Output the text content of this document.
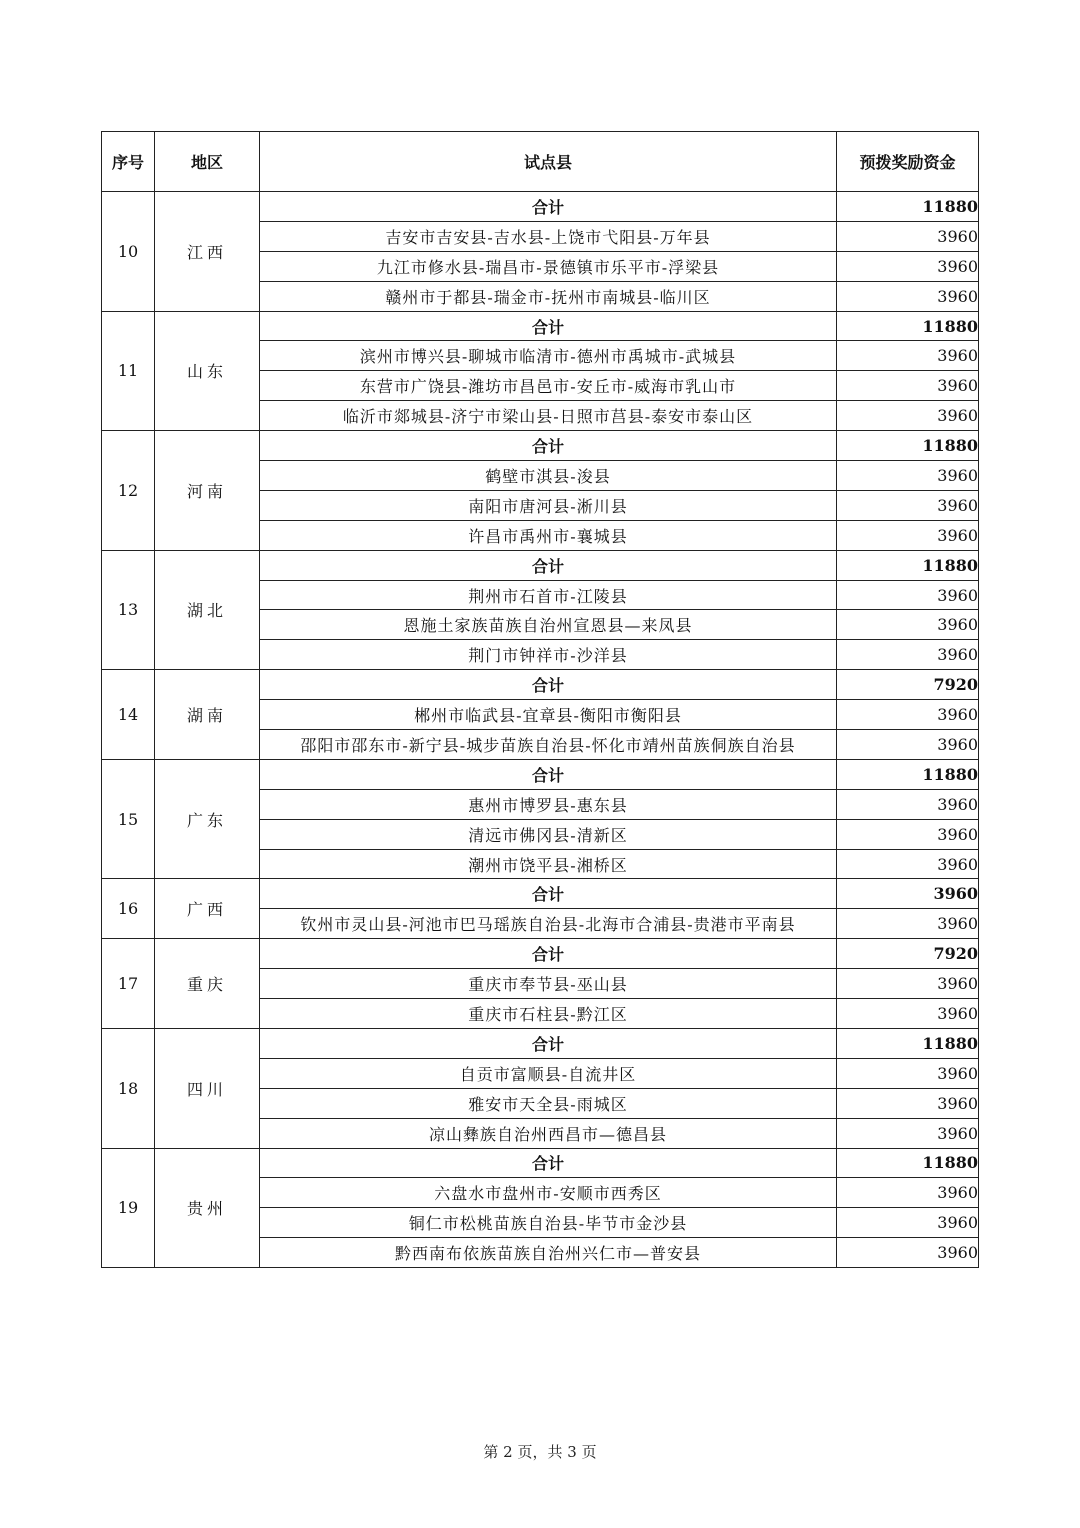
序号	地区	试点县	预拨奖励资金
10	江西	合计	11880
		吉安市吉安县-吉水县-上饶市弋阳县-万年县	3960
		九江市修水县-瑞昌市-景德镇市乐平市-浮梁县	3960
		赣州市于都县-瑞金市-抚州市南城县-临川区	3960
11	山东	合计	11880
		滨州市博兴县-聊城市临清市-德州市禹城市-武城县	3960
		东营市广饶县-潍坊市昌邑市-安丘市-威海市乳山市	3960
		临沂市郯城县-济宁市梁山县-日照市莒县-泰安市泰山区	3960
12	河南	合计	11880
		鹤壁市淇县-浚县	3960
		南阳市唐河县-淅川县	3960
		许昌市禹州市-襄城县	3960
13	湖北	合计	11880
		荆州市石首市-江陵县	3960
		恩施土家族苗族自治州宣恩县—来凤县	3960
		荆门市钟祥市-沙洋县	3960
14	湖南	合计	7920
		郴州市临武县-宜章县-衡阳市衡阳县	3960
		邵阳市邵东市-新宁县-城步苗族自治县-怀化市靖州苗族侗族自治县	3960
15	广东	合计	11880
		惠州市博罗县-惠东县	3960
		清远市佛冈县-清新区	3960
		潮州市饶平县-湘桥区	3960
16	广西	合计	3960
		钦州市灵山县-河池市巴马瑶族自治县-北海市合浦县-贵港市平南县	3960
17	重庆	合计	7920
		重庆市奉节县-巫山县	3960
		重庆市石柱县-黔江区	3960
18	四川	合计	11880
		自贡市富顺县-自流井区	3960
		雅安市天全县-雨城区	3960
		凉山彝族自治州西昌市—德昌县	3960
19	贵州	合计	11880
		六盘水市盘州市-安顺市西秀区	3960
		铜仁市松桃苗族自治县-毕节市金沙县	3960
		黔西南布依族苗族自治州兴仁市—普安县	3960
第 2 页，共 3 页
